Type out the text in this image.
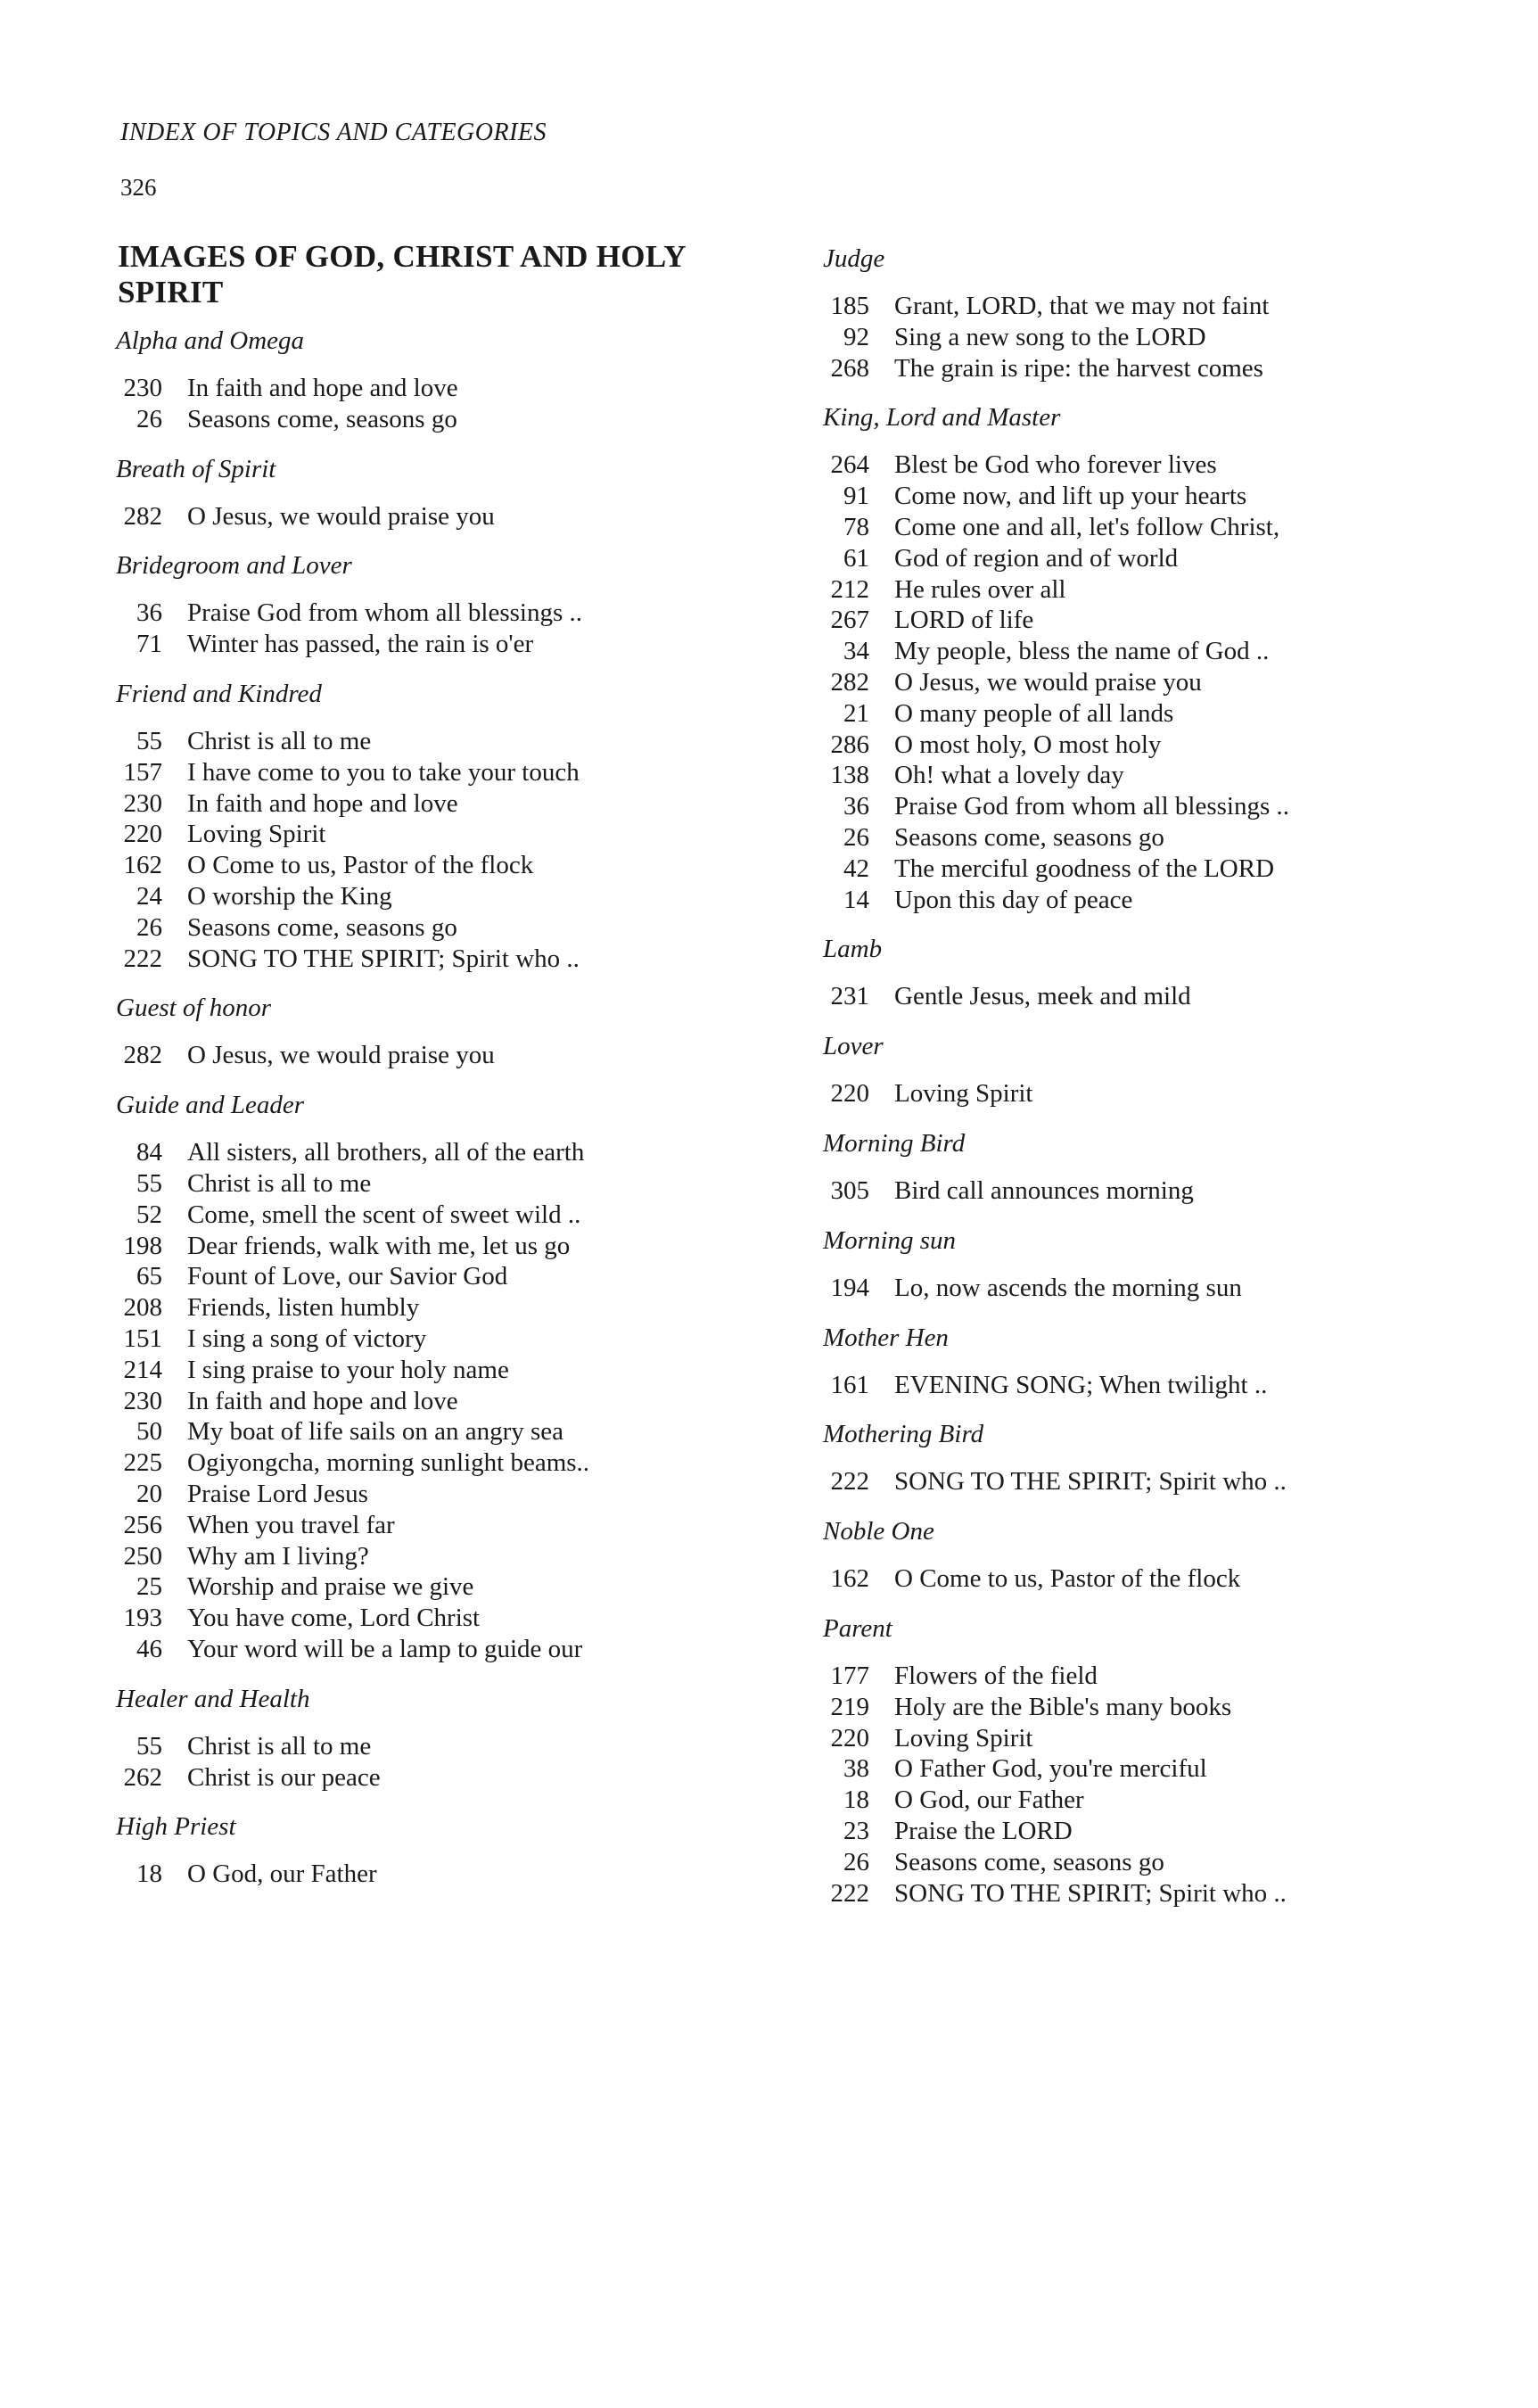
INDEX OF TOPICS AND CATEGORIES
326
IMAGES OF GOD, CHRIST AND HOLY SPIRIT
Alpha and Omega
230 In faith and hope and love
26 Seasons come, seasons go
Breath of Spirit
282 O Jesus, we would praise you
Bridegroom and Lover
36 Praise God from whom all blessings ..
71 Winter has passed, the rain is o'er
Friend and Kindred
55 Christ is all to me
157 I have come to you to take your touch
230 In faith and hope and love
220 Loving Spirit
162 O Come to us, Pastor of the flock
24 O worship the King
26 Seasons come, seasons go
222 SONG TO THE SPIRIT; Spirit who ..
Guest of honor
282 O Jesus, we would praise you
Guide and Leader
84 All sisters, all brothers, all of the earth
55 Christ is all to me
52 Come, smell the scent of sweet wild ..
198 Dear friends, walk with me, let us go
65 Fount of Love, our Savior God
208 Friends, listen humbly
151 I sing a song of victory
214 I sing praise to your holy name
230 In faith and hope and love
50 My boat of life sails on an angry sea
225 Ogiyongcha, morning sunlight beams..
20 Praise Lord Jesus
256 When you travel far
250 Why am I living?
25 Worship and praise we give
193 You have come, Lord Christ
46 Your word will be a lamp to guide our
Healer and Health
55 Christ is all to me
262 Christ is our peace
High Priest
18 O God, our Father
Judge
185 Grant, LORD, that we may not faint
92 Sing a new song to the LORD
268 The grain is ripe: the harvest comes
King, Lord and Master
264 Blest be God who forever lives
91 Come now, and lift up your hearts
78 Come one and all, let's follow Christ,
61 God of region and of world
212 He rules over all
267 LORD of life
34 My people, bless the name of God ..
282 O Jesus, we would praise you
21 O many people of all lands
286 O most holy, O most holy
138 Oh! what a lovely day
36 Praise God from whom all blessings ..
26 Seasons come, seasons go
42 The merciful goodness of the LORD
14 Upon this day of peace
Lamb
231 Gentle Jesus, meek and mild
Lover
220 Loving Spirit
Morning Bird
305 Bird call announces morning
Morning sun
194 Lo, now ascends the morning sun
Mother Hen
161 EVENING SONG; When twilight ..
Mothering Bird
222 SONG TO THE SPIRIT; Spirit who ..
Noble One
162 O Come to us, Pastor of the flock
Parent
177 Flowers of the field
219 Holy are the Bible's many books
220 Loving Spirit
38 O Father God, you're merciful
18 O God, our Father
23 Praise the LORD
26 Seasons come, seasons go
222 SONG TO THE SPIRIT; Spirit who ..
